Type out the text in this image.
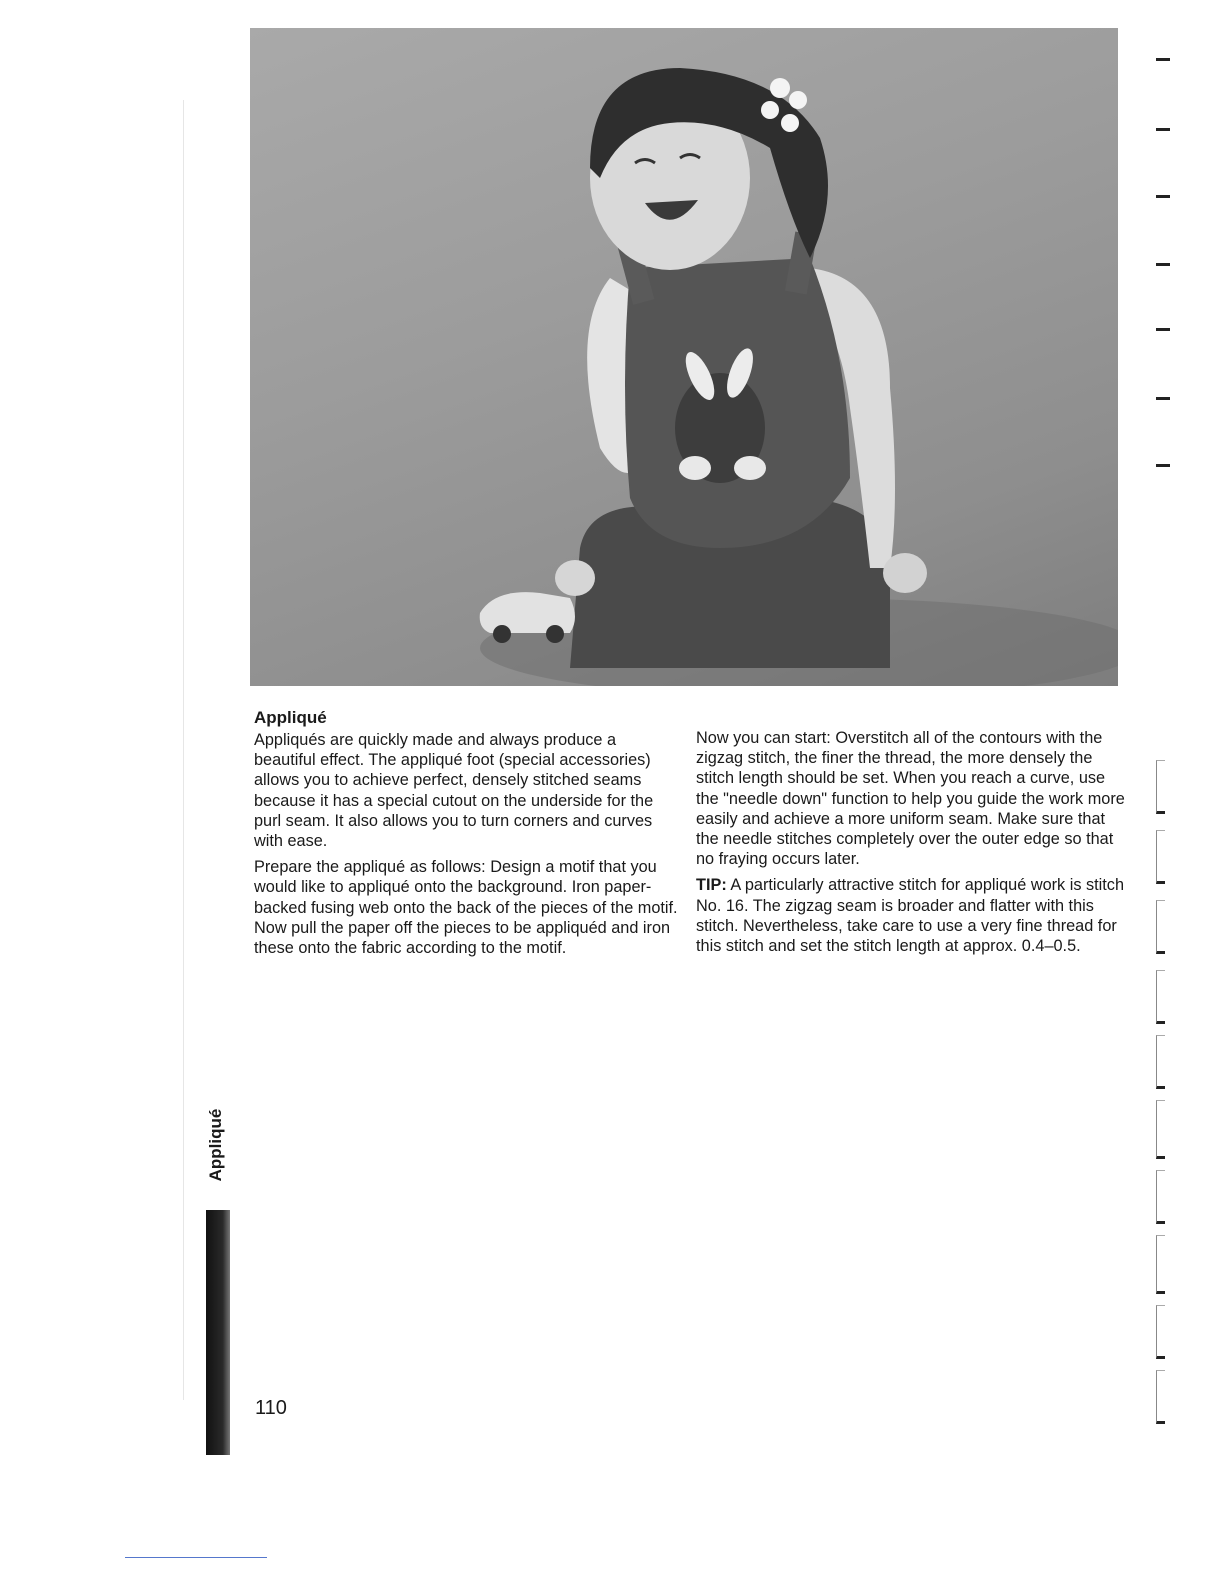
Appliqué

Appliqués are quickly made and always produce a beautiful effect. The appliqué foot (special accessories) allows you to achieve perfect, densely stitched seams because it has a special cutout on the underside for the purl seam. It also allows you to turn corners and curves with ease.

Prepare the appliqué as follows: Design a motif that you would like to appliqué onto the background. Iron paper-backed fusing web onto the back of the pieces of the motif. Now pull the paper off the pieces to be appliquéd and iron these onto the fabric according to the motif.

Now you can start: Overstitch all of the contours with the zigzag stitch, the finer the thread, the more densely the stitch length should be set. When you reach a curve, use the "needle down" function to help you guide the work more easily and achieve a more uniform seam. Make sure that the needle stitches completely over the outer edge so that no fraying occurs later.

TIP: A particularly attractive stitch for appliqué work is stitch No. 16. The zigzag seam is broader and flatter with this stitch. Nevertheless, take care to use a very fine thread for this stitch and set the stitch length at approx. 0.4–0.5.

Appliqué
110
